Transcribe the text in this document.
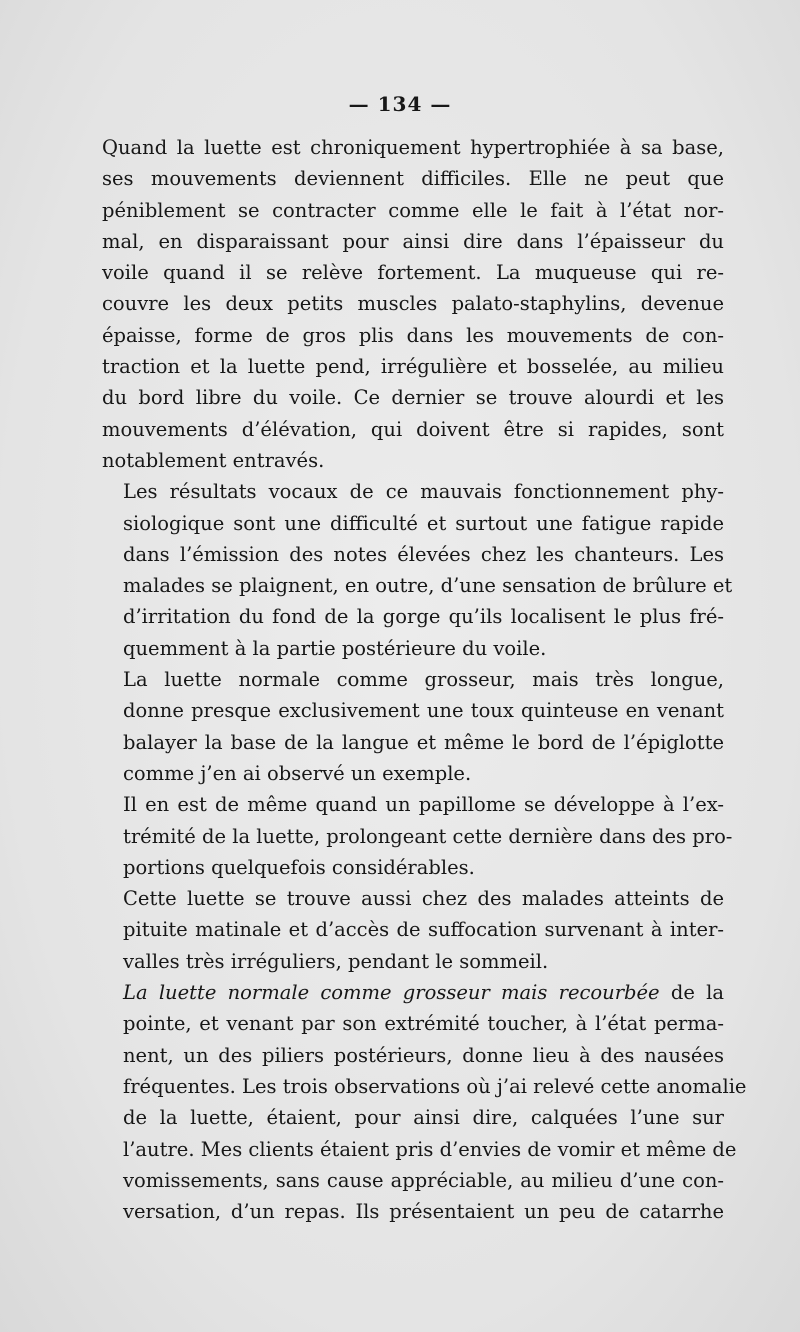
— 134 —

Quand la luette est chroniquement hypertrophiée à sa base,
ses mouvements deviennent difficiles. Elle ne peut que
péniblement se contracter comme elle le fait à l’état nor-
mal, en disparaissant pour ainsi dire dans l’épaisseur du
voile quand il se relève fortement. La muqueuse qui re-
couvre les deux petits muscles palato-staphylins, devenue
épaisse, forme de gros plis dans les mouvements de con-
traction et la luette pend, irrégulière et bosselée, au milieu
du bord libre du voile. Ce dernier se trouve alourdi et les
mouvements d’élévation, qui doivent être si rapides, sont
notablement entravés.

Les résultats vocaux de ce mauvais fonctionnement phy-
siologique sont une difficulté et surtout une fatigue rapide
dans l’émission des notes élevées chez les chanteurs. Les
malades se plaignent, en outre, d’une sensation de brûlure et
d’irritation du fond de la gorge qu’ils localisent le plus fré-
quemment à la partie postérieure du voile.

La luette normale comme grosseur, mais très longue,
donne presque exclusivement une toux quinteuse en venant
balayer la base de la langue et même le bord de l’épiglotte
comme j’en ai observé un exemple.

Il en est de même quand un papillome se développe à l’ex-
trémité de la luette, prolongeant cette dernière dans des pro-
portions quelquefois considérables.

Cette luette se trouve aussi chez des malades atteints de
pituite matinale et d’accès de suffocation survenant à inter-
valles très irréguliers, pendant le sommeil.

La luette normale comme grosseur mais recourbée de la
pointe, et venant par son extrémité toucher, à l’état perma-
nent, un des piliers postérieurs, donne lieu à des nausées
fréquentes. Les trois observations où j’ai relevé cette anomalie
de la luette, étaient, pour ainsi dire, calquées l’une sur
l’autre. Mes clients étaient pris d’envies de vomir et même de
vomissements, sans cause appréciable, au milieu d’une con-
versation, d’un repas. Ils présentaient un peu de catarrhe
